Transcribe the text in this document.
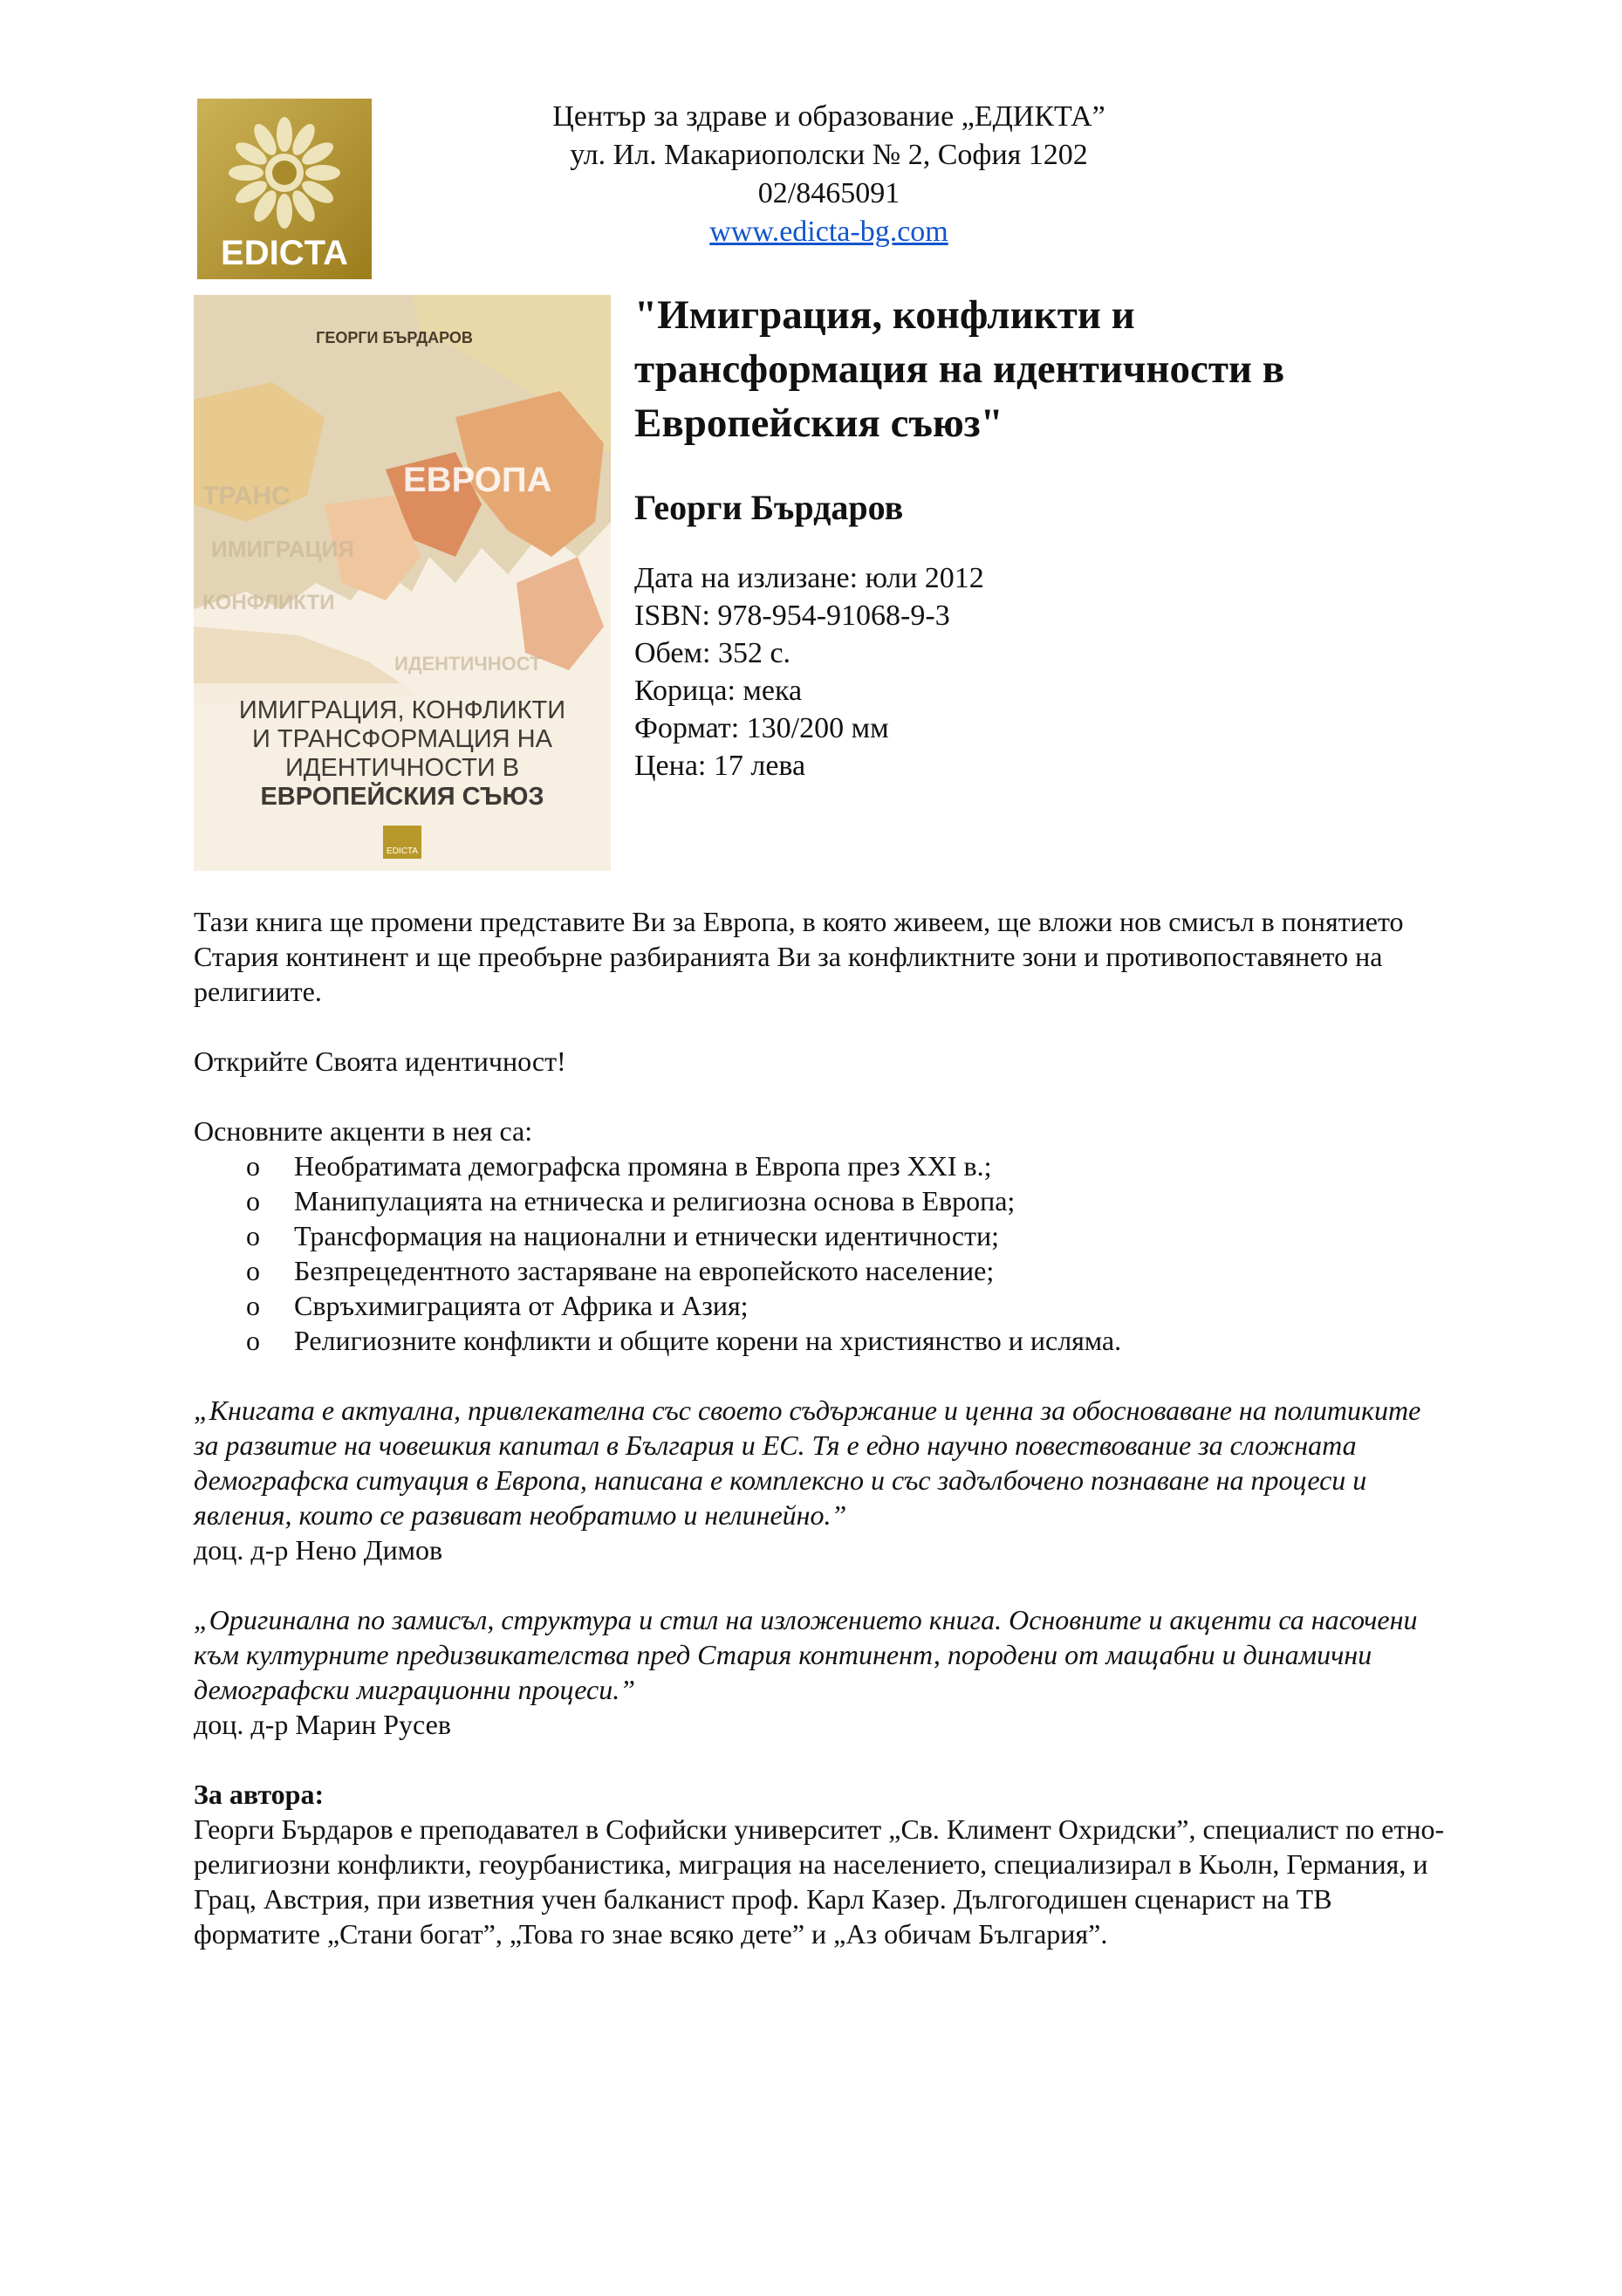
EDICTA
Център за здраве и образование „ЕДИКТА”
ул. Ил. Макариополски № 2, София 1202
02/8465091
www.edicta-bg.com
ТРАНС
ИМИГРАЦИЯ
КОНФЛИКТИ
ИДЕНТИЧНОСТ
ЕВРОПА
ГЕОРГИ БЪРДАРОВ
ИМИГРАЦИЯ, КОНФЛИКТИ
И ТРАНСФОРМАЦИЯ НА
ИДЕНТИЧНОСТИ В
ЕВРОПЕЙСКИЯ СЪЮЗ
EDICTA
"Имиграция, конфликти и
трансформация на идентичности в
Европейския съюз"
Георги Бърдаров
Дата на излизане: юли 2012
ISBN: 978-954-91068-9-3
Обем: 352 с.
Корица: мека
Формат: 130/200 мм
Цена: 17 лева

Тази книга ще промени представите Ви за Европа, в която живеем, ще вложи нов смисъл в понятието Стария континент и ще преобърне разбиранията Ви за конфликтните зони и противопоставянето на религиите.

Открийте Своята идентичност!

Основните акценти в нея са:

o Необратимата демографска промяна в Европа през XXI в.;
o Манипулацията на етническа и религиозна основа в Европа;
o Трансформация на национални и етнически идентичности;
o Безпрецедентното застаряване на европейското население;
o Свръхимиграцията от Африка и Азия;
o Религиозните конфликти и общите корени на християнство и исляма.

„Книгата е актуална, привлекателна със своето съдържание и ценна за обосноваване на политиките за развитие на човешкия капитал в България и ЕС. Тя е едно научно повествование за сложната демографска ситуация в Европа, написана е комплексно и със задълбочено познаване на процеси и явления, които се развиват необратимо и нелинейно.”

доц. д-р Нено Димов

„Оригинална по замисъл, структура и стил на изложението книга. Основните и акценти са насочени към културните предизвикателства пред Стария континент, породени от мащабни и динамични демографски миграционни процеси.”

доц. д-р Марин Русев

За автора:

Георги Бърдаров е преподавател в Софийски университет „Св. Климент Охридски”, специалист по етно-религиозни конфликти, геоурбанистика, миграция на населението, специализирал в Кьолн, Германия, и Грац, Австрия, при изветния учен балканист проф. Карл Казер. Дългогодишен сценарист на ТВ форматите „Стани богат”, „Това го знае всяко дете” и „Аз обичам България”.
